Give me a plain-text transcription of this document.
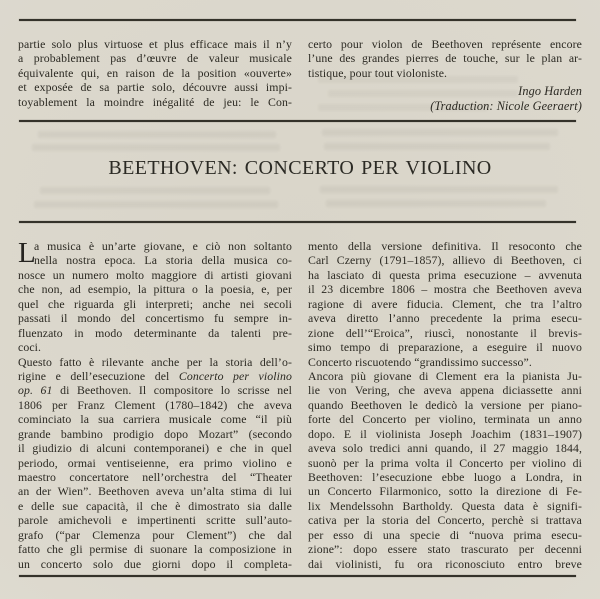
partie solo plus virtuose et plus efficace mais il n’y
a probablement pas d’œuvre de valeur musicale
équivalente qui, en raison de la position «ouverte»
et exposée de sa partie solo, découvre aussi impi-
toyablement la moindre inégalité de jeu: le Con-
certo pour violon de Beethoven représente encore
l’une des grandes pierres de touche, sur le plan ar-
tistique, pour tout violoniste.
Ingo Harden
(Traduction: Nicole Geeraert)
BEETHOVEN: CONCERTO PER VIOLINO
L
a musica è un’arte giovane, e ciò non soltanto
nella nostra epoca. La storia della musica co-
nosce un numero molto maggiore di artisti giovani
che non, ad esempio, la pittura o la poesia, e, per
quel che riguarda gli interpreti; anche nei secoli
passati il mondo del concertismo fu sempre in-
fluenzato in modo determinante da talenti pre-
coci.
Questo fatto è rilevante anche per la storia dell’o-
rigine e dell’esecuzione del Concerto per violino
op. 61 di Beethoven. Il compositore lo scrisse nel
1806 per Franz Clement (1780–1842) che aveva
cominciato la sua carriera musicale come “il più
grande bambino prodigio dopo Mozart” (secondo
il giudizio di alcuni contemporanei) e che in quel
periodo, ormai ventiseienne, era primo violino e
maestro concertatore nell’orchestra del “Theater
an der Wien”. Beethoven aveva un’alta stima di lui
e delle sue capacità, il che è dimostrato sia dalle
parole amichevoli e impertinenti scritte sull’auto-
grafo (“par Clemenza pour Clement”) che dal
fatto che gli permise di suonare la composizione in
un concerto solo due giorni dopo il completa-
mento della versione definitiva. Il resoconto che
Carl Czerny (1791–1857), allievo di Beethoven, ci
ha lasciato di questa prima esecuzione – avvenuta
il 23 dicembre 1806 – mostra che Beethoven aveva
ragione di avere fiducia. Clement, che tra l’altro
aveva diretto l’anno precedente la prima esecu-
zione dell’“Eroica”, riuscì, nonostante il brevis-
simo tempo di preparazione, a eseguire il nuovo
Concerto riscuotendo “grandissimo successo”.
Ancora più giovane di Clement era la pianista Ju-
lie von Vering, che aveva appena diciassette anni
quando Beethoven le dedicò la versione per piano-
forte del Concerto per violino, terminata un anno
dopo. E il violinista Joseph Joachim (1831–1907)
aveva solo tredici anni quando, il 27 maggio 1844,
suonò per la prima volta il Concerto per violino di
Beethoven: l’esecuzione ebbe luogo a Londra, in
un Concerto Filarmonico, sotto la direzione di Fe-
lix Mendelssohn Bartholdy. Questa data è signifi-
cativa per la storia del Concerto, perchè si trattava
per esso di una specie di “nuova prima esecu-
zione”: dopo essere stato trascurato per decenni
dai violinisti, fu ora riconosciuto entro breve
